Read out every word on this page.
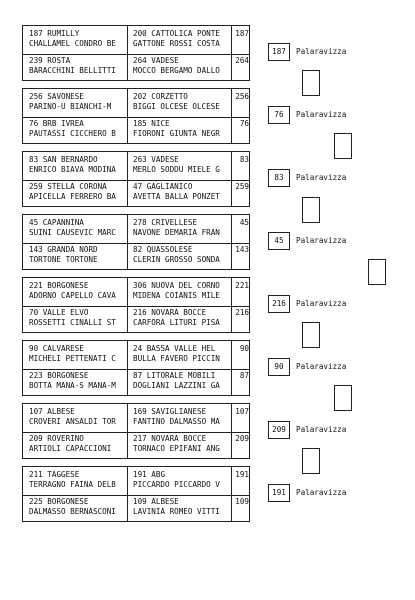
187 RUMILLY
CHALLAMEL CONDRO BE
200 CATTOLICA PONTE
GATTONE ROSSI COSTA
187
239 ROSTA
BARACCHINI BELLITTI
264 VADESE
MOCCO BERGAMO DALLO
264
187	Palaravizza
256 SAVONESE
PARINO-U BIANCHI-M
202 CORZETTO
BIGGI OLCESE OLCESE
256
76 BRB IVREA
PAUTASSI CICCHERO B
185 NICE
FIORONI GIUNTA NEGR
76
76	Palaravizza
83 SAN BERNARDO
ENRICO BIAVA MODINA
263 VADESE
MERLO SODDU MIELE G
83
259 STELLA CORONA
APICELLA FERRERO BA
47 GAGLIANICO
AVETTA BALLA PONZET
259
83	Palaravizza
45 CAPANNINA
SUINI CAUSEVIC MARC
278 CRIVELLESE
NAVONE DEMARIA FRAN
45
143 GRANDA NORD
TORTONE TORTONE
82 QUASSOLESE
CLERIN GROSSO SONDA
143
45	Palaravizza
221 BORGONESE
ADORNO CAPELLO CAVA
306 NUOVA DEL CORNO
MIDENA COIANIS MILE
221
70 VALLE ELVO
ROSSETTI CINALLI ST
216 NOVARA BOCCE
CARFORA LITURI PISA
216
216	Palaravizza
90 CALVARESE
MICHELI PETTENATI C
24 BASSA VALLE HEL
BULLA FAVERO PICCIN
90
223 BORGONESE
BOTTA MANA-S MANA-M
87 LITORALE MOBILI
DOGLIANI LAZZINI GA
87
90	Palaravizza
107 ALBESE
CROVERI ANSALDI TOR
169 SAVIGLIANESE
FANTINO DALMASSO MA
107
209 ROVERINO
ARTIOLI CAPACCIONI
217 NOVARA BOCCE
TORNACO EPIFANI ANG
209
209	Palaravizza
211 TAGGESE
TERRAGNO FAINA DELB
191 ABG
PICCARDO PICCARDO V
191
225 BORGONESE
DALMASSO BERNASCONI
109 ALBESE
LAVINIA ROMEO VITTI
109
191	Palaravizza
